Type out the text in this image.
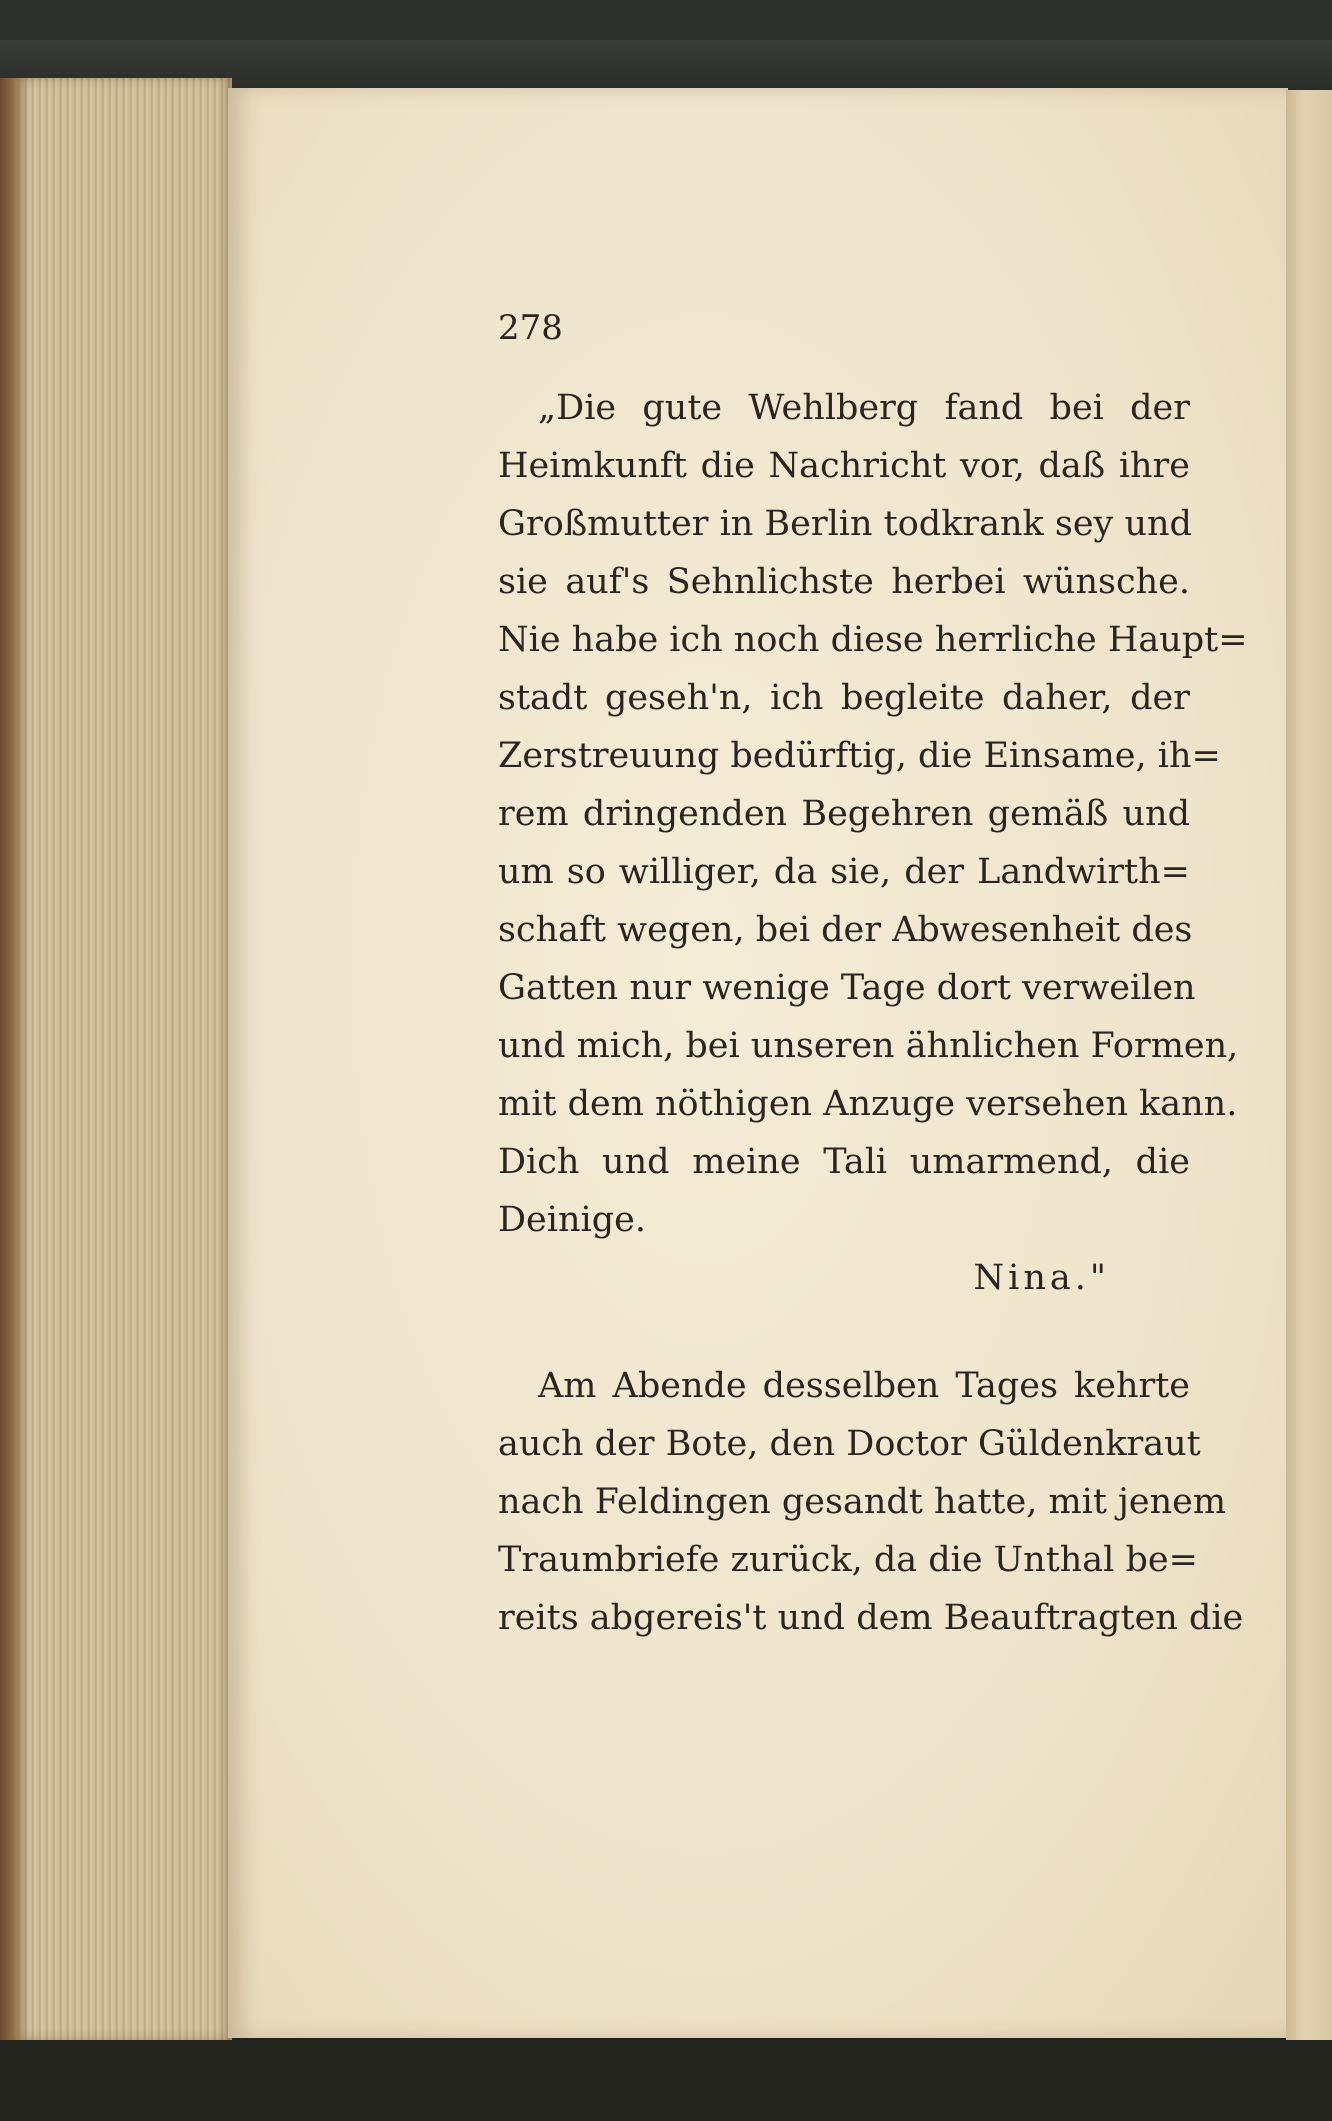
278
„Die gute Wehlberg fand bei der
Heimkunft die Nachricht vor, daß ihre
Großmutter in Berlin todkrank sey und
sie auf's Sehnlichste herbei wünsche.
Nie habe ich noch diese herrliche Haupt=
stadt geseh'n, ich begleite daher, der
Zerstreuung bedürftig, die Einsame, ih=
rem dringenden Begehren gemäß und
um so williger, da sie, der Landwirth=
schaft wegen, bei der Abwesenheit des
Gatten nur wenige Tage dort verweilen
und mich, bei unseren ähnlichen Formen,
mit dem nöthigen Anzuge versehen kann.
Dich und meine Tali umarmend, die
Deinige.
Nina."
Am Abende desselben Tages kehrte
auch der Bote, den Doctor Güldenkraut
nach Feldingen gesandt hatte, mit jenem
Traumbriefe zurück, da die Unthal be=
reits abgereis't und dem Beauftragten die
